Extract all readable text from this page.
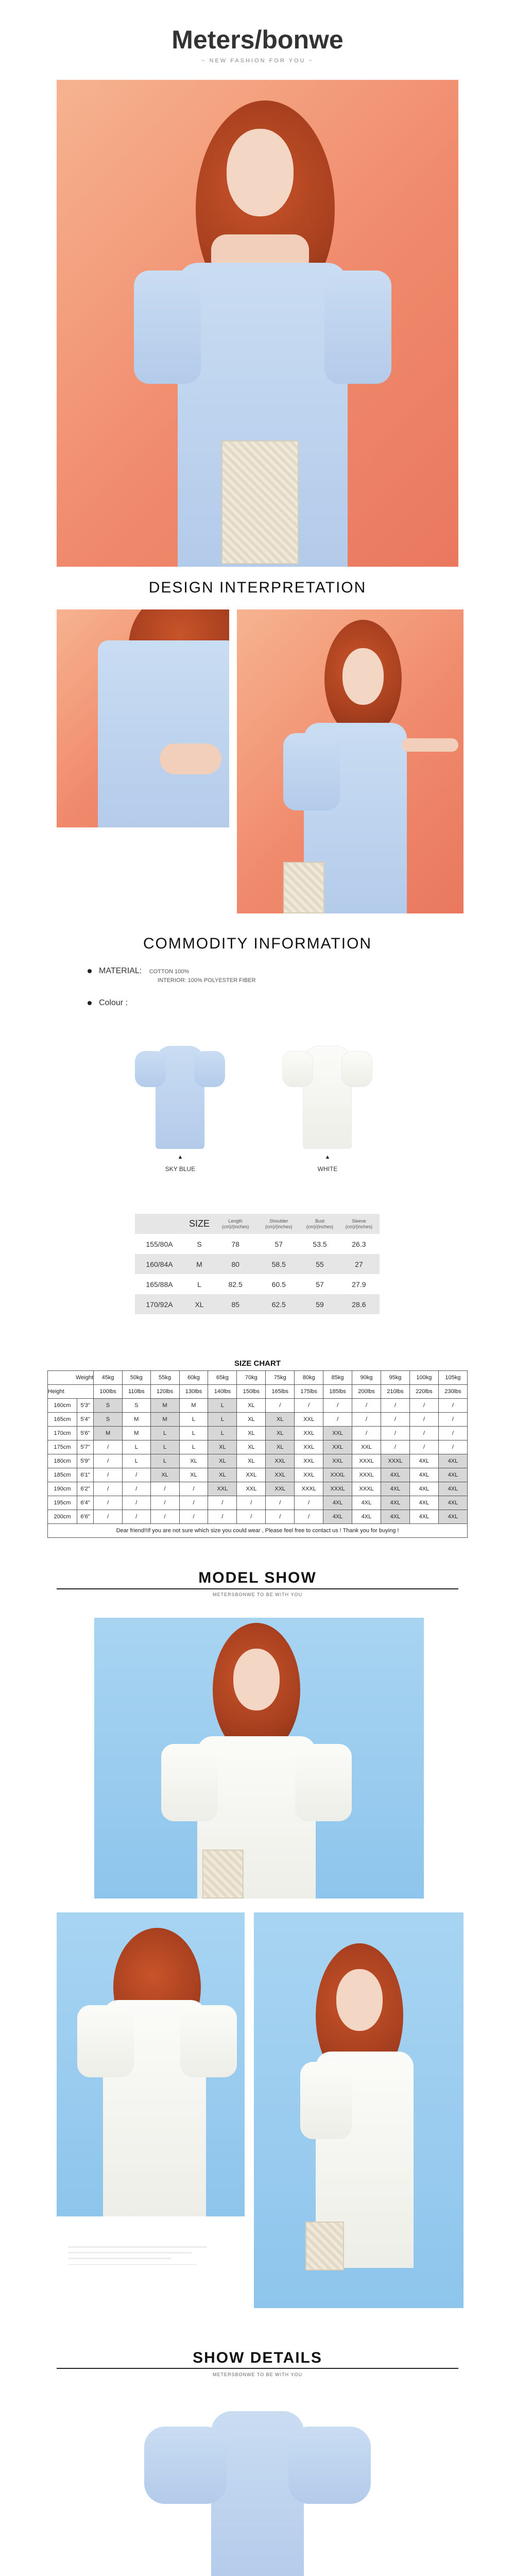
Meters/bonwe
~ NEW FASHION FOR YOU ~
DESIGN INTERPRETATION
COMMODITY INFORMATION
MATERIAL: COTTON 100%
INTERIOR: 100% POLYESTER FIBER
Colour :
▲
SKY BLUE
▲
WHITE
	SIZE	Length (cm)/(inches)	Shoulder (cm)/(inches)	Bust (cm)/(inches)	Sleeve (cm)/(inches)
155/80A	S	78	57	53.5	26.3
160/84A	M	80	58.5	55	27
165/88A	L	82.5	60.5	57	27.9
170/92A	XL	85	62.5	59	28.6
SIZE CHART
Weight		45kg	50kg	55kg	60kg	65kg	70kg	75kg	80kg	85kg	90kg	95kg	100kg	105kg
Height		100lbs	110lbs	120lbs	130lbs	140lbs	150lbs	165lbs	175lbs	185lbs	200lbs	210lbs	220lbs	230lbs
160cm	5'3"	S	S	M	M	L	XL	/	/	/	/	/	/	/
165cm	5'4"	S	M	M	L	L	XL	XL	XXL	/	/	/	/	/
170cm	5'6"	M	M	L	L	L	XL	XL	XXL	XXL	/	/	/	/
175cm	5'7"	/	L	L	L	XL	XL	XL	XXL	XXL	XXL	/	/	/
180cm	5'9"	/	L	L	XL	XL	XL	XXL	XXL	XXL	XXXL	XXXL	4XL	4XL
185cm	6'1"	/	/	XL	XL	XL	XXL	XXL	XXL	XXXL	XXXL	4XL	4XL	4XL
190cm	6'2"	/	/	/	/	XXL	XXL	XXL	XXXL	XXXL	XXXL	4XL	4XL	4XL
195cm	6'4"	/	/	/	/	/	/	/	/	4XL	4XL	4XL	4XL	4XL
200cm	6'6"	/	/	/	/	/	/	/	/	4XL	4XL	4XL	4XL	4XL
Dear friend!!If you are not sure which size you could wear , Please feel free to contact us ! Thank you for buying !														
MODEL SHOW
METERSBONWE TO BE WITH YOU
SHOW DETAILS
METERSBONWE TO BE WITH YOU
